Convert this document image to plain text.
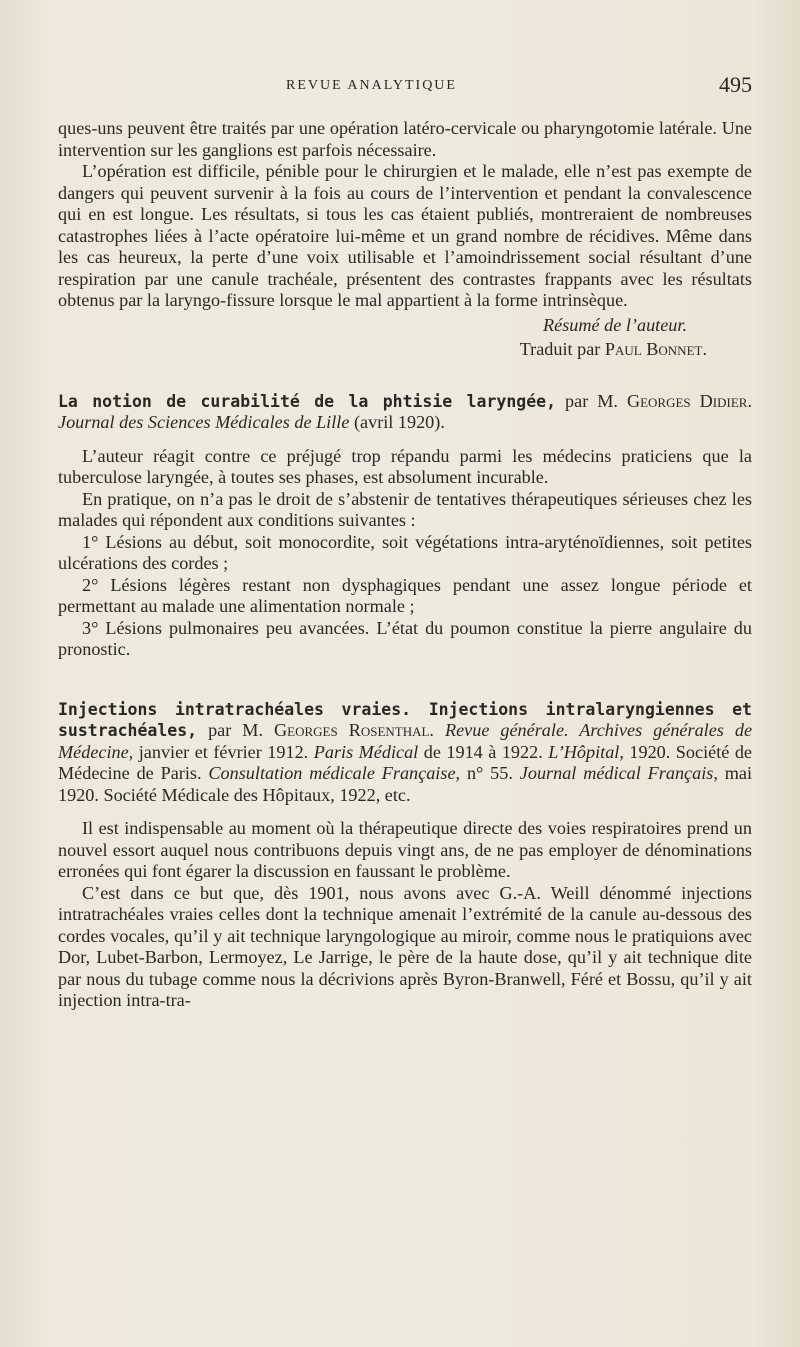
REVUE ANALYTIQUE	495

ques-uns peuvent être traités par une opération latéro-cervicale ou pharyngotomie latérale. Une intervention sur les ganglions est parfois nécessaire.

L’opération est difficile, pénible pour le chirurgien et le malade, elle n’est pas exempte de dangers qui peuvent survenir à la fois au cours de l’intervention et pendant la convalescence qui en est longue. Les résultats, si tous les cas étaient publiés, montreraient de nombreuses catastrophes liées à l’acte opératoire lui-même et un grand nombre de récidives. Même dans les cas heureux, la perte d’une voix utilisable et l’amoindrissement social résultant d’une respiration par une canule trachéale, présentent des contrastes frappants avec les résultats obtenus par la laryngo-fissure lorsque le mal appartient à la forme intrinsèque.

Résumé de l’auteur.

Traduit par Paul Bonnet.

La notion de curabilité de la phtisie laryngée, par M. Georges Didier. Journal des Sciences Médicales de Lille (avril 1920).

L’auteur réagit contre ce préjugé trop répandu parmi les médecins praticiens que la tuberculose laryngée, à toutes ses phases, est absolument incurable.

En pratique, on n’a pas le droit de s’abstenir de tentatives thérapeutiques sérieuses chez les malades qui répondent aux conditions suivantes :

1° Lésions au début, soit monocordite, soit végétations intra-aryténoïdiennes, soit petites ulcérations des cordes ;

2° Lésions légères restant non dysphagiques pendant une assez longue période et permettant au malade une alimentation normale ;

3° Lésions pulmonaires peu avancées. L’état du poumon constitue la pierre angulaire du pronostic.

Injections intratrachéales vraies. Injections intralaryngiennes et sustrachéales, par M. Georges Rosenthal. Revue générale. Archives générales de Médecine, janvier et février 1912. Paris Médical de 1914 à 1922. L’Hôpital, 1920. Société de Médecine de Paris. Consultation médicale Française, n° 55. Journal médical Français, mai 1920. Société Médicale des Hôpitaux, 1922, etc.

Il est indispensable au moment où la thérapeutique directe des voies respiratoires prend un nouvel essort auquel nous contribuons depuis vingt ans, de ne pas employer de dénominations erronées qui font égarer la discussion en faussant le problème.

C’est dans ce but que, dès 1901, nous avons avec G.-A. Weill dénommé injections intratrachéales vraies celles dont la technique amenait l’extrémité de la canule au-dessous des cordes vocales, qu’il y ait technique laryngologique au miroir, comme nous le pratiquions avec Dor, Lubet-Barbon, Lermoyez, Le Jarrige, le père de la haute dose, qu’il y ait technique dite par nous du tubage comme nous la décrivions après Byron-Branwell, Féré et Bossu, qu’il y ait injection intra-tra-
